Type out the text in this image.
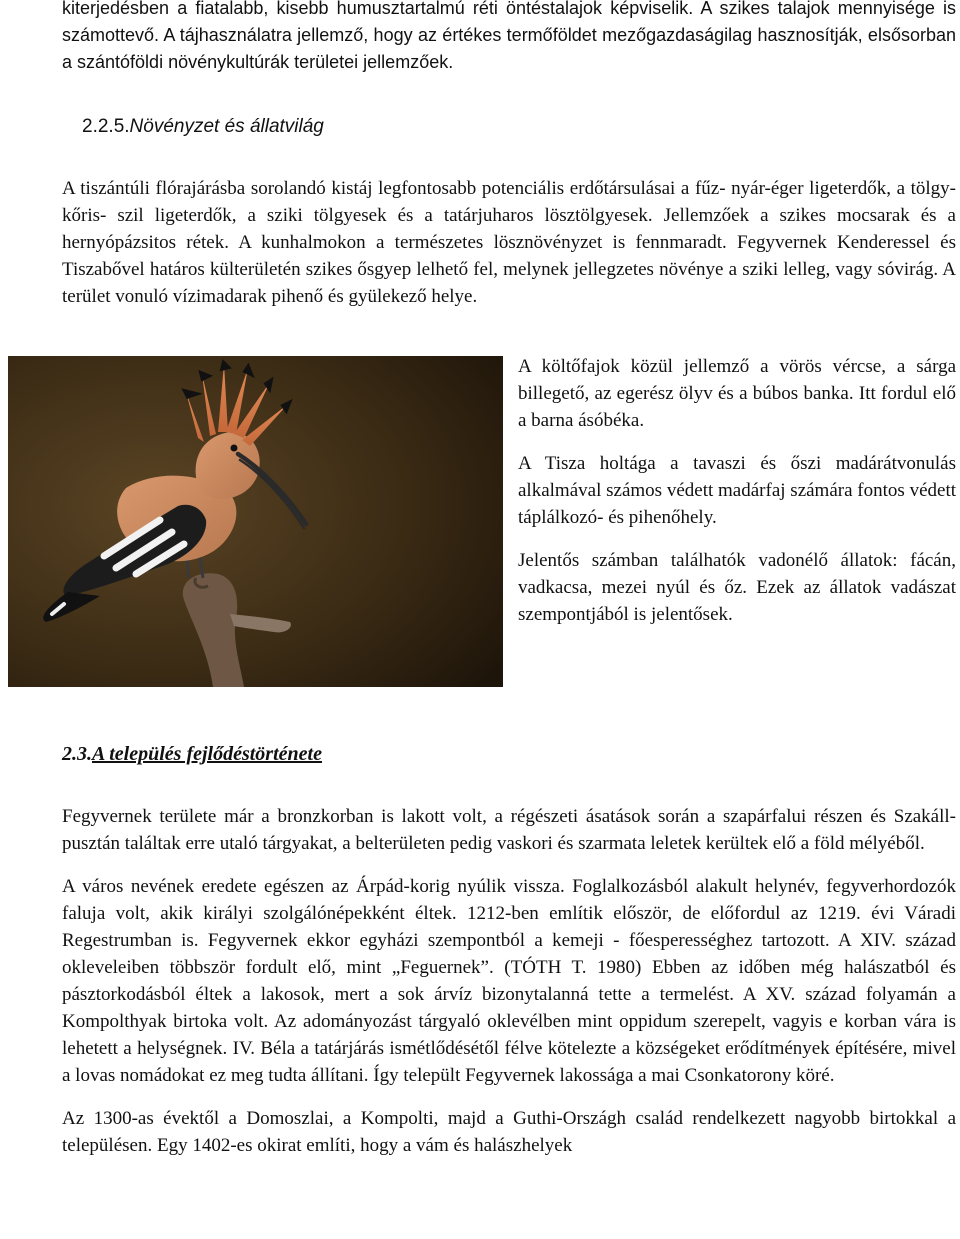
kiterjedésben a fiatalabb, kisebb humusztartalmú réti öntéstalajok képviselik. A szikes talajok mennyisége is számottevő. A tájhasználatra jellemző, hogy az értékes termőföldet mezőgazdaságilag hasznosítják, elsősorban a szántóföldi növénykultúrák területei jellemzőek.

2.2.5.Növényzet és állatvilág

A tiszántúli flórajárásba sorolandó kistáj legfontosabb potenciális erdőtársulásai a fűz- nyár-éger ligeterdők, a tölgy- kőris- szil ligeterdők, a sziki tölgyesek és a tatárjuharos lösztölgyesek. Jellemzőek a szikes mocsarak és a hernyópázsitos rétek. A kunhalmokon a természetes lösznövényzet is fennmaradt. Fegyvernek Kenderessel és Tiszabővel határos külterületén szikes ősgyep lelhető fel, melynek jellegzetes növénye a sziki lelleg, vagy sóvirág. A terület vonuló vízimadarak pihenő és gyülekező helye.

A költőfajok közül jellemző a vörös vércse, a sárga billegető, az egerész ölyv és a búbos banka. Itt fordul elő a barna ásóbéka.

A Tisza holtága a tavaszi és őszi madárátvonulás alkalmával számos védett madárfaj számára fontos védett táplálkozó- és pihenőhely.

Jelentős számban találhatók vadonélő állatok: fácán, vadkacsa, mezei nyúl és őz. Ezek az állatok vadászat szempontjából is jelentősek.

2.3.A település fejlődéstörténete

Fegyvernek területe már a bronzkorban is lakott volt, a régészeti ásatások során a szapárfalui részen és Szakáll-pusztán találtak erre utaló tárgyakat, a belterületen pedig vaskori és szarmata leletek kerültek elő a föld mélyéből.

A város nevének eredete egészen az Árpád-korig nyúlik vissza. Foglalkozásból alakult helynév, fegyverhordozók faluja volt, akik királyi szolgálónépekként éltek. 1212-ben említik először, de előfordul az 1219. évi Váradi Regestrumban is. Fegyvernek ekkor egyházi szempontból a kemeji - főesperességhez tartozott. A XIV. század okleveleiben többször fordult elő, mint „Feguernek”. (TÓTH T. 1980) Ebben az időben még halászatból és pásztorkodásból éltek a lakosok, mert a sok árvíz bizonytalanná tette a termelést. A XV. század folyamán a Kompolthyak birtoka volt. Az adományozást tárgyaló oklevélben mint oppidum szerepelt, vagyis e korban vára is lehetett a helységnek. IV. Béla a tatárjárás ismétlődésétől félve kötelezte a községeket erődítmények építésére, mivel a lovas nomádokat ez meg tudta állítani. Így települt Fegyvernek lakossága a mai Csonkatorony köré.

Az 1300-as évektől a Domoszlai, a Kompolti, majd a Guthi-Országh család rendelkezett nagyobb birtokkal a településen. Egy 1402-es okirat említi, hogy a vám és halászhelyek
